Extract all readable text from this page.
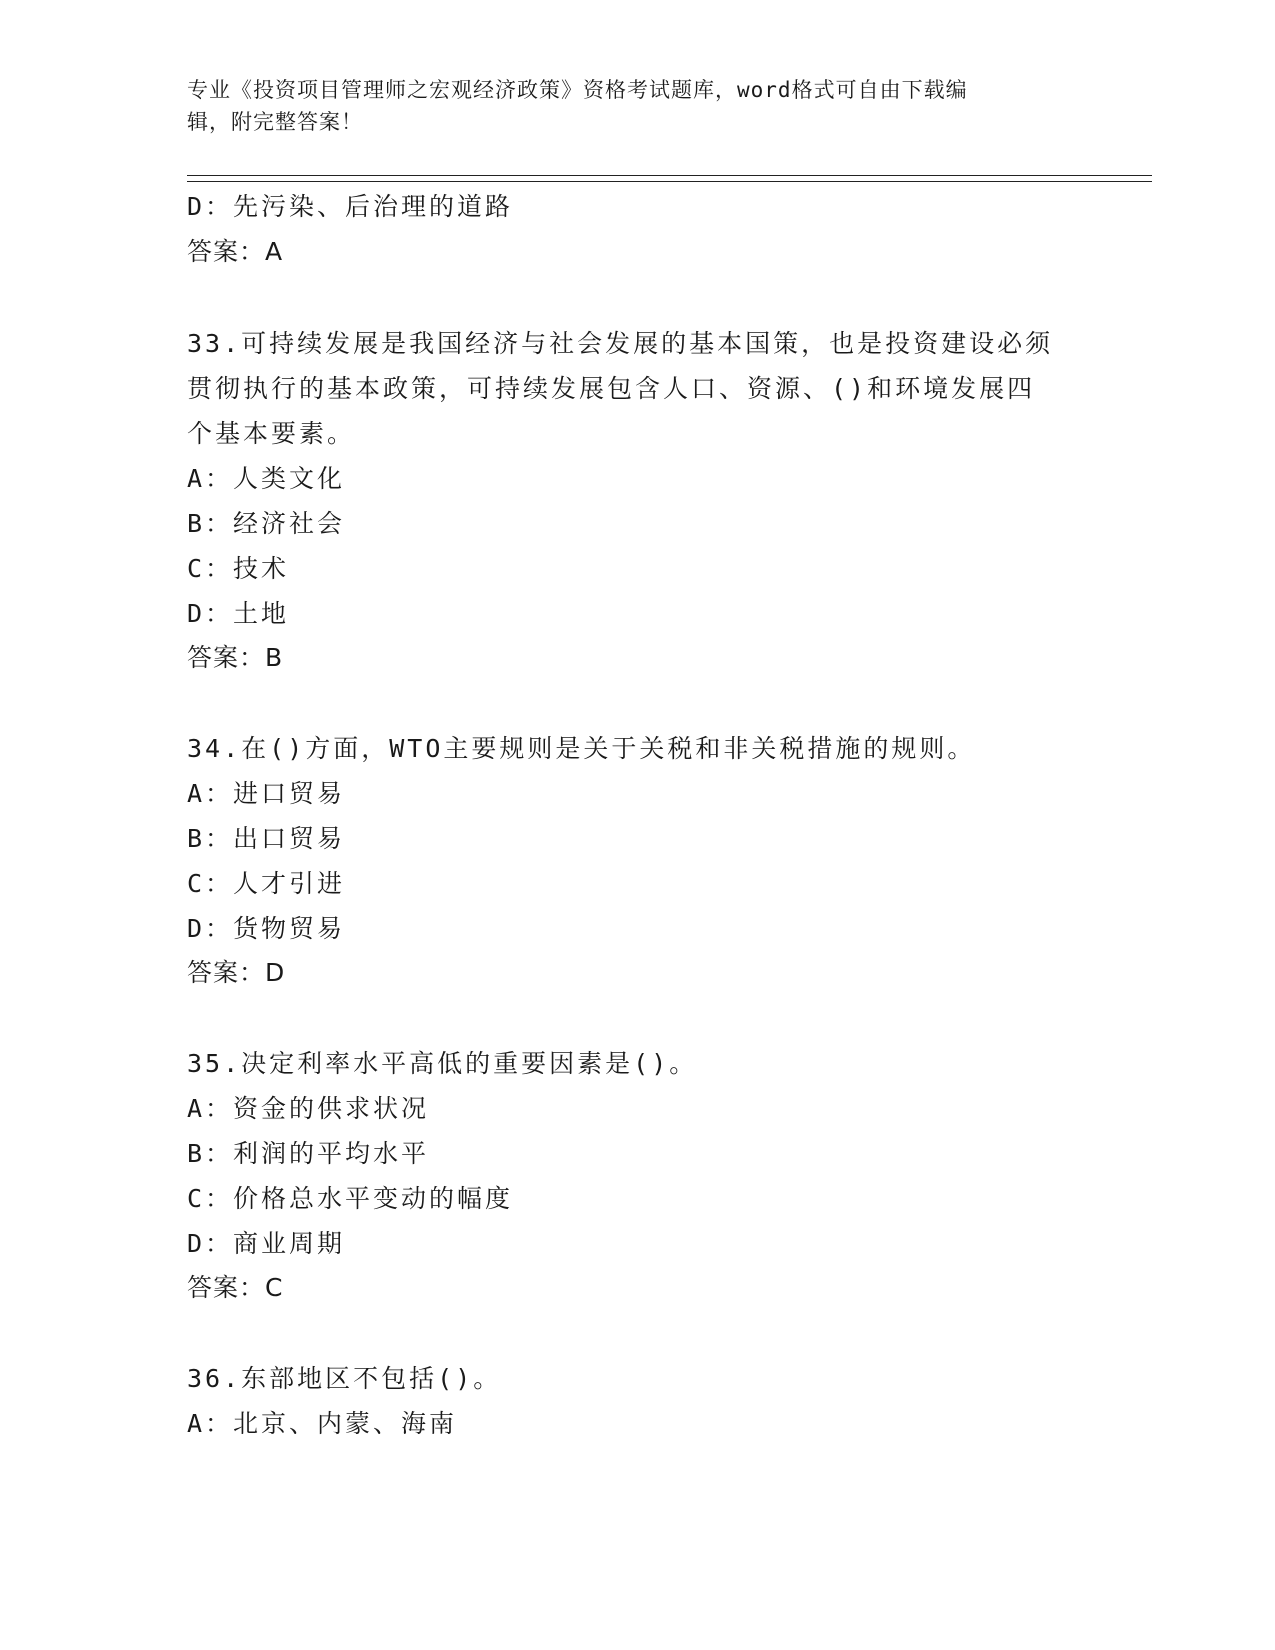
专业《投资项目管理师之宏观经济政策》资格考试题库，word格式可自由下载编
辑，附完整答案！
D：先污染、后治理的道路
答案：A
33.可持续发展是我国经济与社会发展的基本国策，也是投资建设必须
贯彻执行的基本政策，可持续发展包含人口、资源、()和环境发展四
个基本要素。
A：人类文化
B：经济社会
C：技术
D：土地
答案：B
34.在()方面，WTO主要规则是关于关税和非关税措施的规则。
A：进口贸易
B：出口贸易
C：人才引进
D：货物贸易
答案：D
35.决定利率水平高低的重要因素是()。
A：资金的供求状况
B：利润的平均水平
C：价格总水平变动的幅度
D：商业周期
答案：C
36.东部地区不包括()。
A：北京、内蒙、海南
